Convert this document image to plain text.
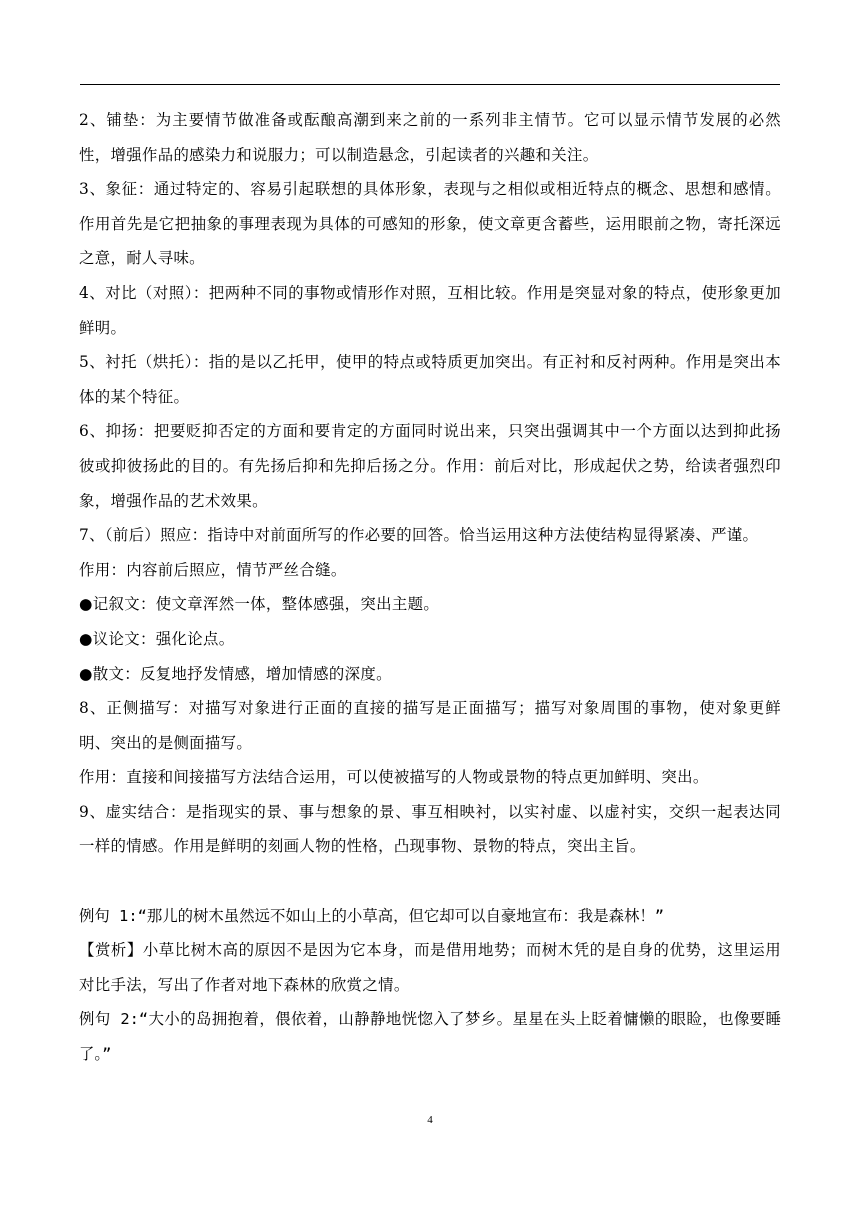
2、铺垫：为主要情节做准备或酝酿高潮到来之前的一系列非主情节。它可以显示情节发展的必然性，增强作品的感染力和说服力；可以制造悬念，引起读者的兴趣和关注。

3、象征：通过特定的、容易引起联想的具体形象，表现与之相似或相近特点的概念、思想和感情。作用首先是它把抽象的事理表现为具体的可感知的形象，使文章更含蓄些，运用眼前之物，寄托深远之意，耐人寻味。

4、对比（对照）：把两种不同的事物或情形作对照，互相比较。作用是突显对象的特点，使形象更加鲜明。

5、衬托（烘托）：指的是以乙托甲，使甲的特点或特质更加突出。有正衬和反衬两种。作用是突出本体的某个特征。

6、抑扬：把要贬抑否定的方面和要肯定的方面同时说出来，只突出强调其中一个方面以达到抑此扬彼或抑彼扬此的目的。有先扬后抑和先抑后扬之分。作用：前后对比，形成起伏之势，给读者强烈印象，增强作品的艺术效果。

7、（前后）照应：指诗中对前面所写的作必要的回答。恰当运用这种方法使结构显得紧凑、严谨。

作用：内容前后照应，情节严丝合缝。

●记叙文：使文章浑然一体，整体感强，突出主题。

●议论文：强化论点。

●散文：反复地抒发情感，增加情感的深度。

8、正侧描写：对描写对象进行正面的直接的描写是正面描写；描写对象周围的事物，使对象更鲜明、突出的是侧面描写。

作用：直接和间接描写方法结合运用，可以使被描写的人物或景物的特点更加鲜明、突出。

9、虚实结合：是指现实的景、事与想象的景、事互相映衬，以实衬虚、以虚衬实，交织一起表达同一样的情感。作用是鲜明的刻画人物的性格，凸现事物、景物的特点，突出主旨。

例句 1:“那儿的树木虽然远不如山上的小草高，但它却可以自豪地宣布：我是森林！”

【赏析】小草比树木高的原因不是因为它本身，而是借用地势；而树木凭的是自身的优势，这里运用对比手法，写出了作者对地下森林的欣赏之情。

例句 2:“大小的岛拥抱着，偎依着，山静静地恍惚入了梦乡。星星在头上眨着慵懒的眼睑，也像要睡了。”

4
